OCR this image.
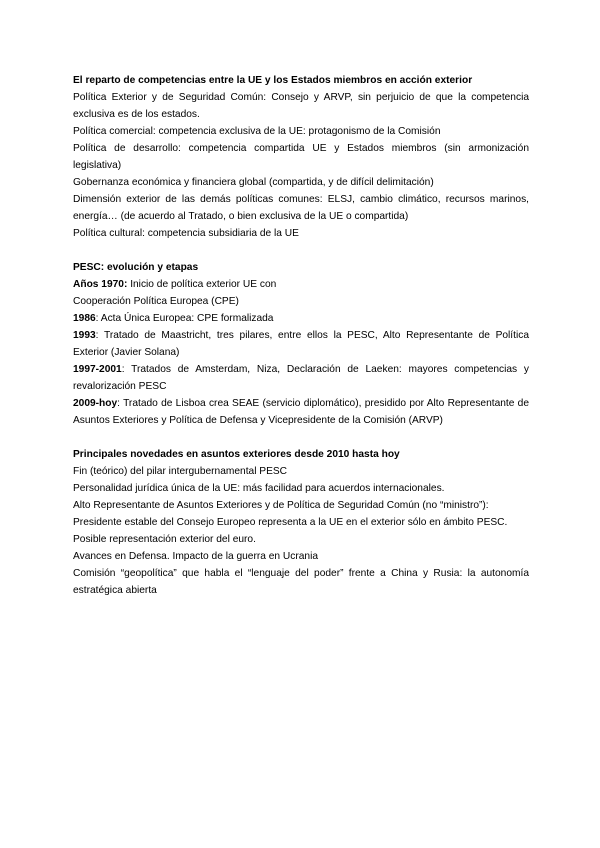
El reparto de competencias entre la UE y los Estados miembros en acción exterior

Política Exterior y de Seguridad Común: Consejo y ARVP, sin perjuicio de que la competencia exclusiva es de los estados.

Política comercial: competencia exclusiva de la UE: protagonismo de la Comisión

Política de desarrollo: competencia compartida UE y Estados miembros (sin armonización legislativa)

Gobernanza económica y financiera global (compartida, y de difícil delimitación)

Dimensión exterior de las demás políticas comunes: ELSJ, cambio climático, recursos marinos, energía… (de acuerdo al Tratado, o bien exclusiva de la UE o compartida)

Política cultural: competencia subsidiaria de la UE

PESC: evolución y etapas

Años 1970: Inicio de política exterior UE con

Cooperación Política Europea (CPE)

1986: Acta Única Europea: CPE formalizada

1993: Tratado de Maastricht, tres pilares, entre ellos la PESC, Alto Representante de Política Exterior (Javier Solana)

1997-2001: Tratados de Amsterdam, Niza, Declaración de Laeken: mayores competencias y revalorización PESC

2009-hoy: Tratado de Lisboa crea SEAE (servicio diplomático), presidido por Alto Representante de Asuntos Exteriores y Política de Defensa y Vicepresidente de la Comisión (ARVP)

Principales novedades en asuntos exteriores desde 2010 hasta hoy

Fin (teórico) del pilar intergubernamental PESC

Personalidad jurídica única de la UE: más facilidad para acuerdos internacionales.

Alto Representante de Asuntos Exteriores y de Política de Seguridad Común (no “ministro”):

Presidente estable del Consejo Europeo representa a la UE en el exterior sólo en ámbito PESC.

Posible representación exterior del euro.

Avances en Defensa. Impacto de la guerra en Ucrania

Comisión “geopolítica” que habla el “lenguaje del poder” frente a China y Rusia: la autonomía estratégica abierta
